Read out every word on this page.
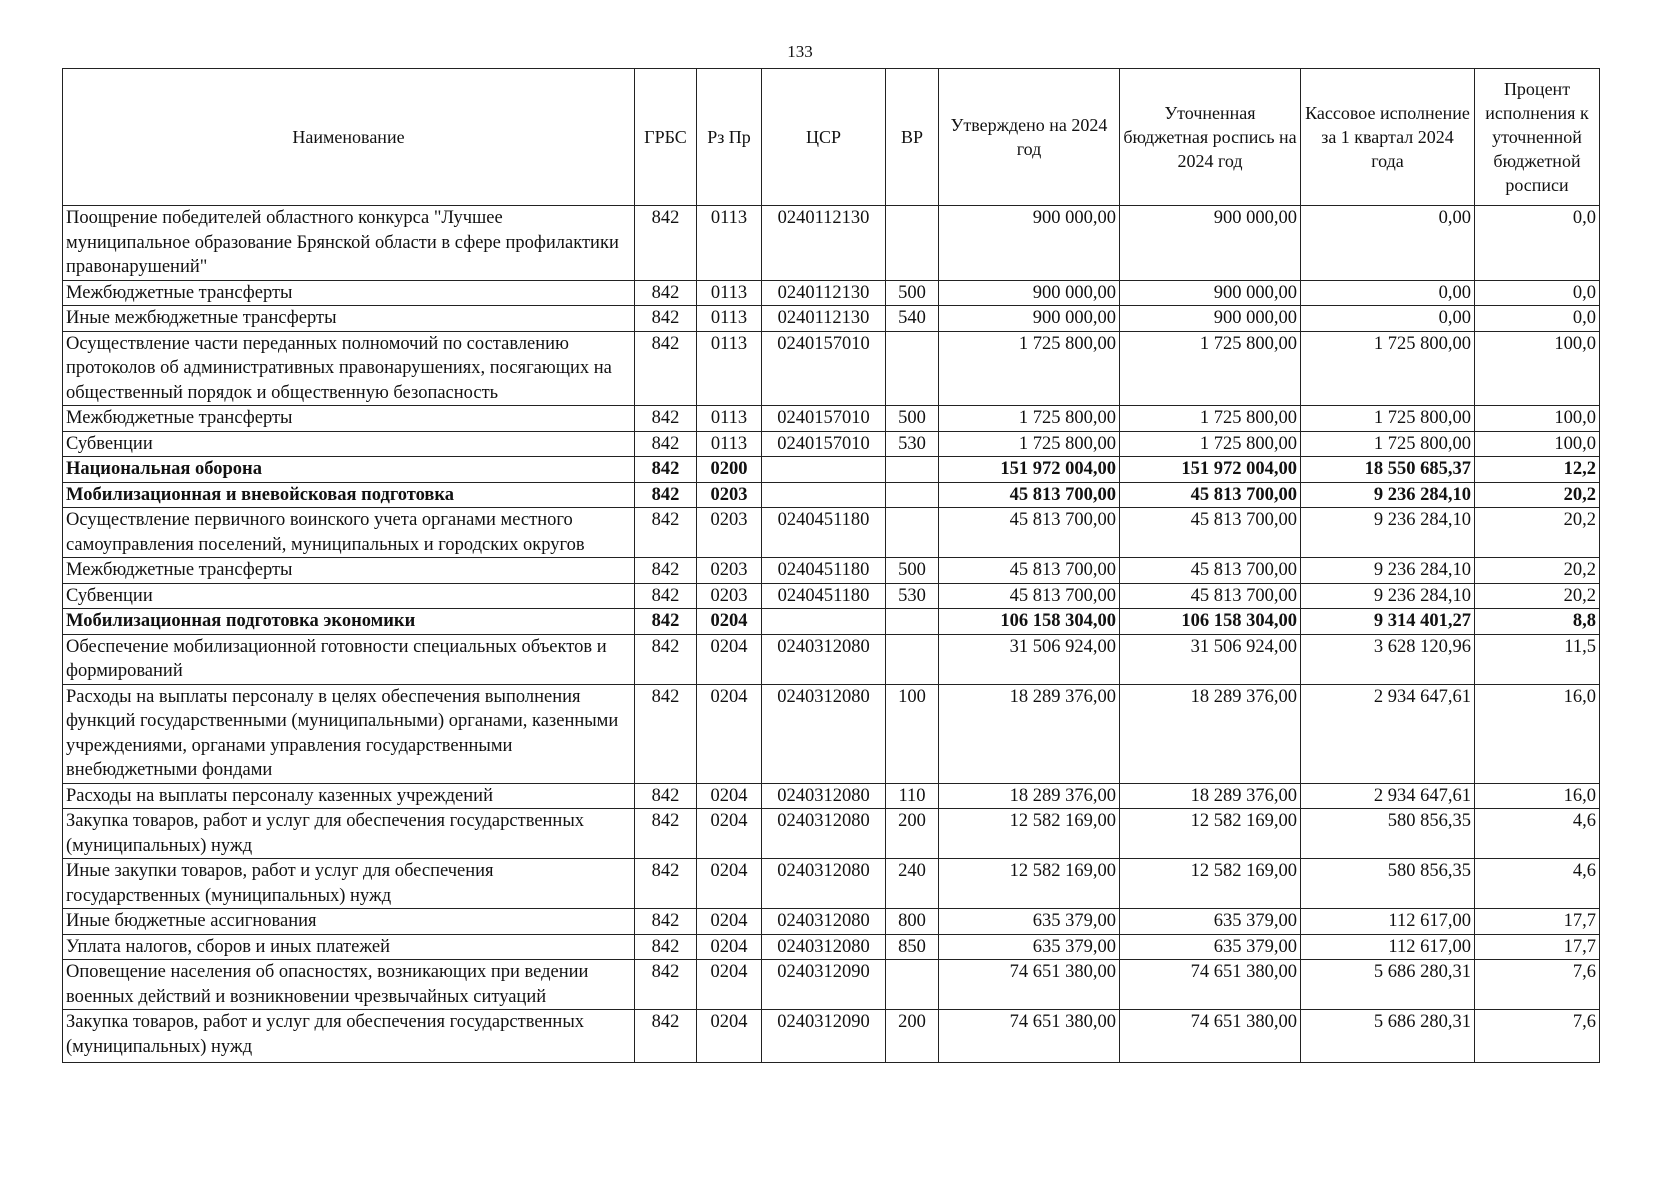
133
Наименование	ГРБС	Рз Пр	ЦСР	ВР	Утверждено на 2024 год	Уточненная бюджетная роспись на 2024 год	Кассовое исполнение за 1 квартал 2024 года	Процент исполнения к уточненной бюджетной росписи
Поощрение победителей областного конкурса "Лучшее муниципальное образование Брянской области в сфере профилактики правонарушений"	842	0113	0240112130		900 000,00	900 000,00	0,00	0,0
Межбюджетные трансферты	842	0113	0240112130	500	900 000,00	900 000,00	0,00	0,0
Иные межбюджетные трансферты	842	0113	0240112130	540	900 000,00	900 000,00	0,00	0,0
Осуществление части переданных полномочий по составлению протоколов об административных правонарушениях, посягающих на общественный порядок и общественную безопасность	842	0113	0240157010		1 725 800,00	1 725 800,00	1 725 800,00	100,0
Межбюджетные трансферты	842	0113	0240157010	500	1 725 800,00	1 725 800,00	1 725 800,00	100,0
Субвенции	842	0113	0240157010	530	1 725 800,00	1 725 800,00	1 725 800,00	100,0
Национальная оборона	842	0200			151 972 004,00	151 972 004,00	18 550 685,37	12,2
Мобилизационная и вневойсковая подготовка	842	0203			45 813 700,00	45 813 700,00	9 236 284,10	20,2
Осуществление первичного воинского учета органами местного самоуправления поселений, муниципальных и городских округов	842	0203	0240451180		45 813 700,00	45 813 700,00	9 236 284,10	20,2
Межбюджетные трансферты	842	0203	0240451180	500	45 813 700,00	45 813 700,00	9 236 284,10	20,2
Субвенции	842	0203	0240451180	530	45 813 700,00	45 813 700,00	9 236 284,10	20,2
Мобилизационная подготовка экономики	842	0204			106 158 304,00	106 158 304,00	9 314 401,27	8,8
Обеспечение мобилизационной готовности специальных объектов и формирований	842	0204	0240312080		31 506 924,00	31 506 924,00	3 628 120,96	11,5
Расходы на выплаты персоналу в целях обеспечения выполнения функций государственными (муниципальными) органами, казенными учреждениями, органами управления государственными внебюджетными фондами	842	0204	0240312080	100	18 289 376,00	18 289 376,00	2 934 647,61	16,0
Расходы на выплаты персоналу казенных учреждений	842	0204	0240312080	110	18 289 376,00	18 289 376,00	2 934 647,61	16,0
Закупка товаров, работ и услуг для обеспечения государственных (муниципальных) нужд	842	0204	0240312080	200	12 582 169,00	12 582 169,00	580 856,35	4,6
Иные закупки товаров, работ и услуг для обеспечения государственных (муниципальных) нужд	842	0204	0240312080	240	12 582 169,00	12 582 169,00	580 856,35	4,6
Иные бюджетные ассигнования	842	0204	0240312080	800	635 379,00	635 379,00	112 617,00	17,7
Уплата налогов, сборов и иных платежей	842	0204	0240312080	850	635 379,00	635 379,00	112 617,00	17,7
Оповещение населения об опасностях, возникающих при ведении военных действий и возникновении чрезвычайных ситуаций	842	0204	0240312090		74 651 380,00	74 651 380,00	5 686 280,31	7,6
Закупка товаров, работ и услуг для обеспечения государственных (муниципальных) нужд	842	0204	0240312090	200	74 651 380,00	74 651 380,00	5 686 280,31	7,6
